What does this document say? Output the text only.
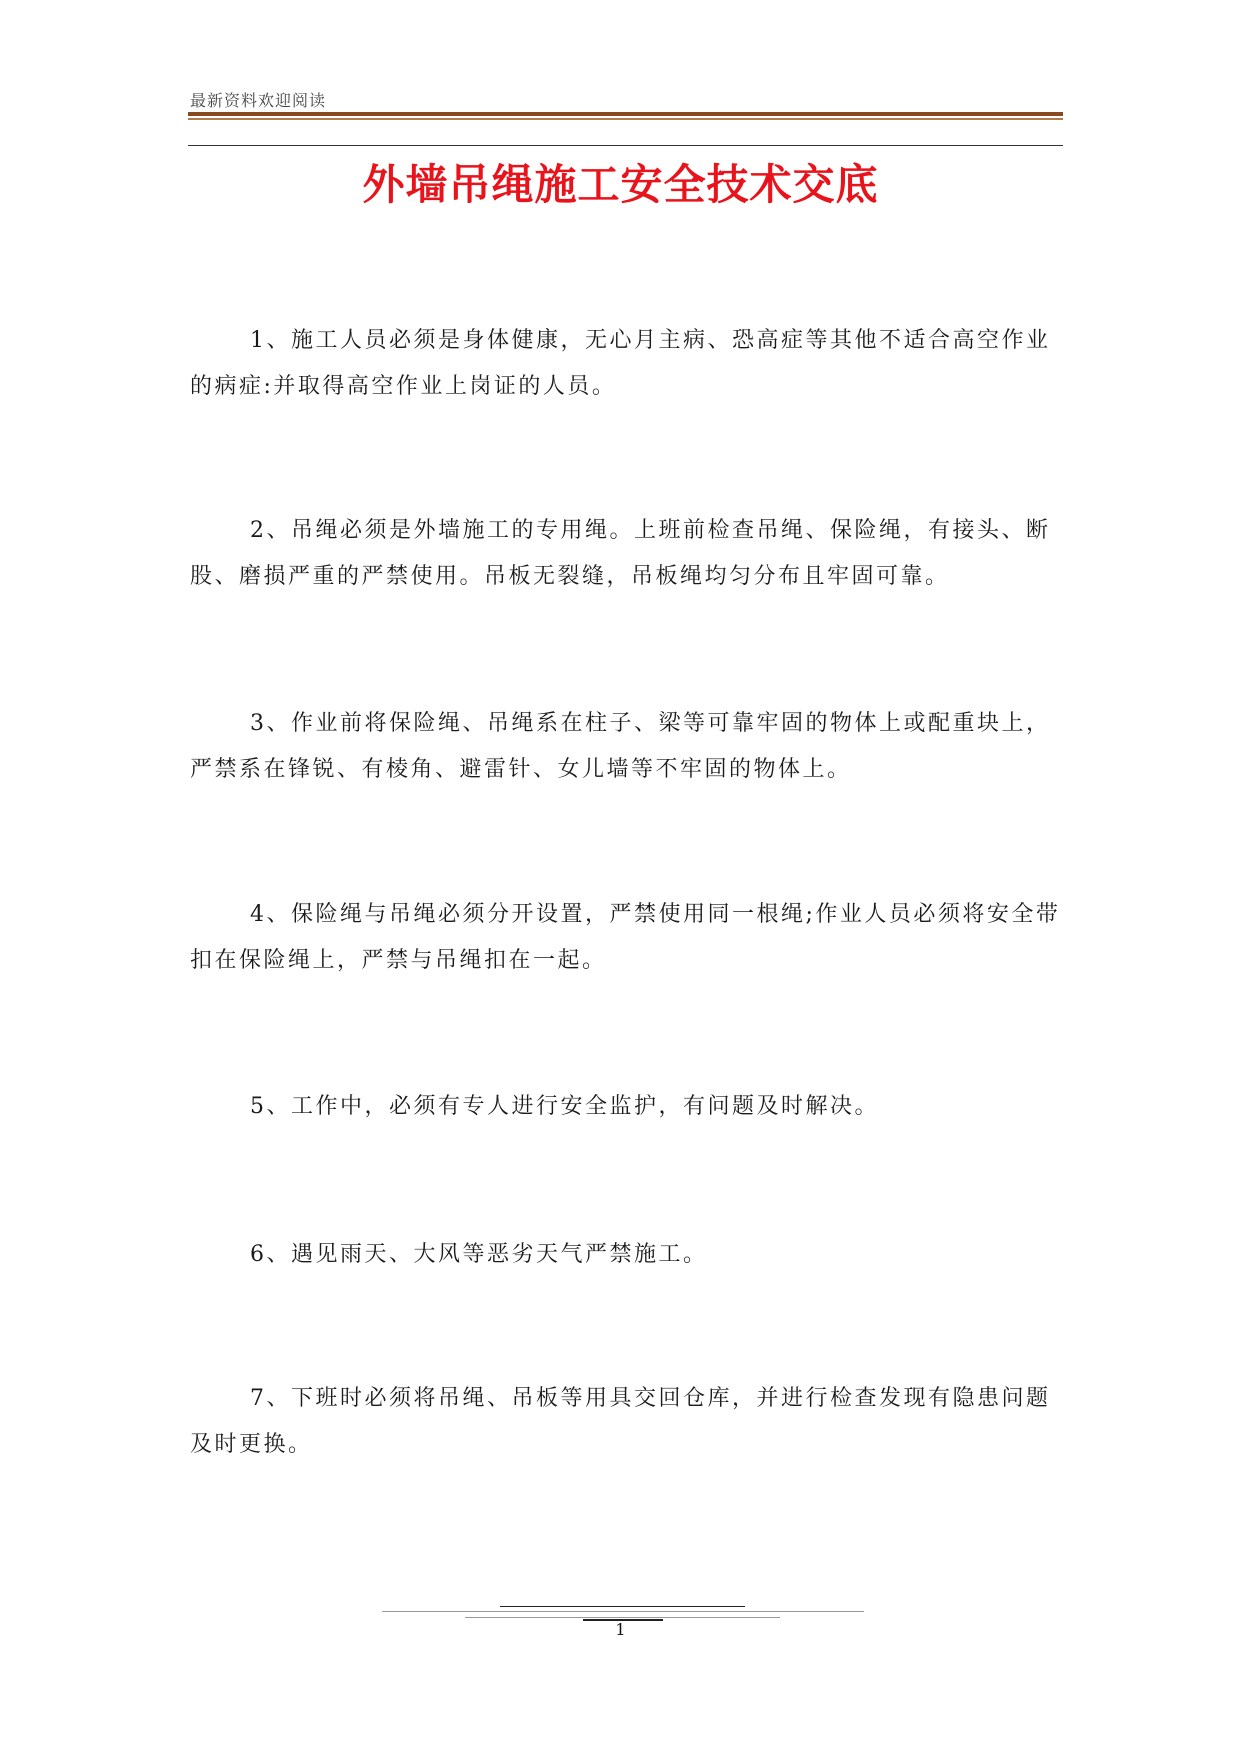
最新资料欢迎阅读
外墙吊绳施工安全技术交底

1、施工人员必须是身体健康，无心月主病、恐高症等其他不适合高空作业的病症:并取得高空作业上岗证的人员。

2、吊绳必须是外墙施工的专用绳。上班前检查吊绳、保险绳，有接头、断股、磨损严重的严禁使用。吊板无裂缝，吊板绳均匀分布且牢固可靠。

3、作业前将保险绳、吊绳系在柱子、梁等可靠牢固的物体上或配重块上，严禁系在锋锐、有棱角、避雷针、女儿墙等不牢固的物体上。

4、保险绳与吊绳必须分开设置，严禁使用同一根绳;作业人员必须将安全带扣在保险绳上，严禁与吊绳扣在一起。

5、工作中，必须有专人进行安全监护，有问题及时解决。

6、遇见雨天、大风等恶劣天气严禁施工。

7、下班时必须将吊绳、吊板等用具交回仓库，并进行检查发现有隐患问题及时更换。

1
